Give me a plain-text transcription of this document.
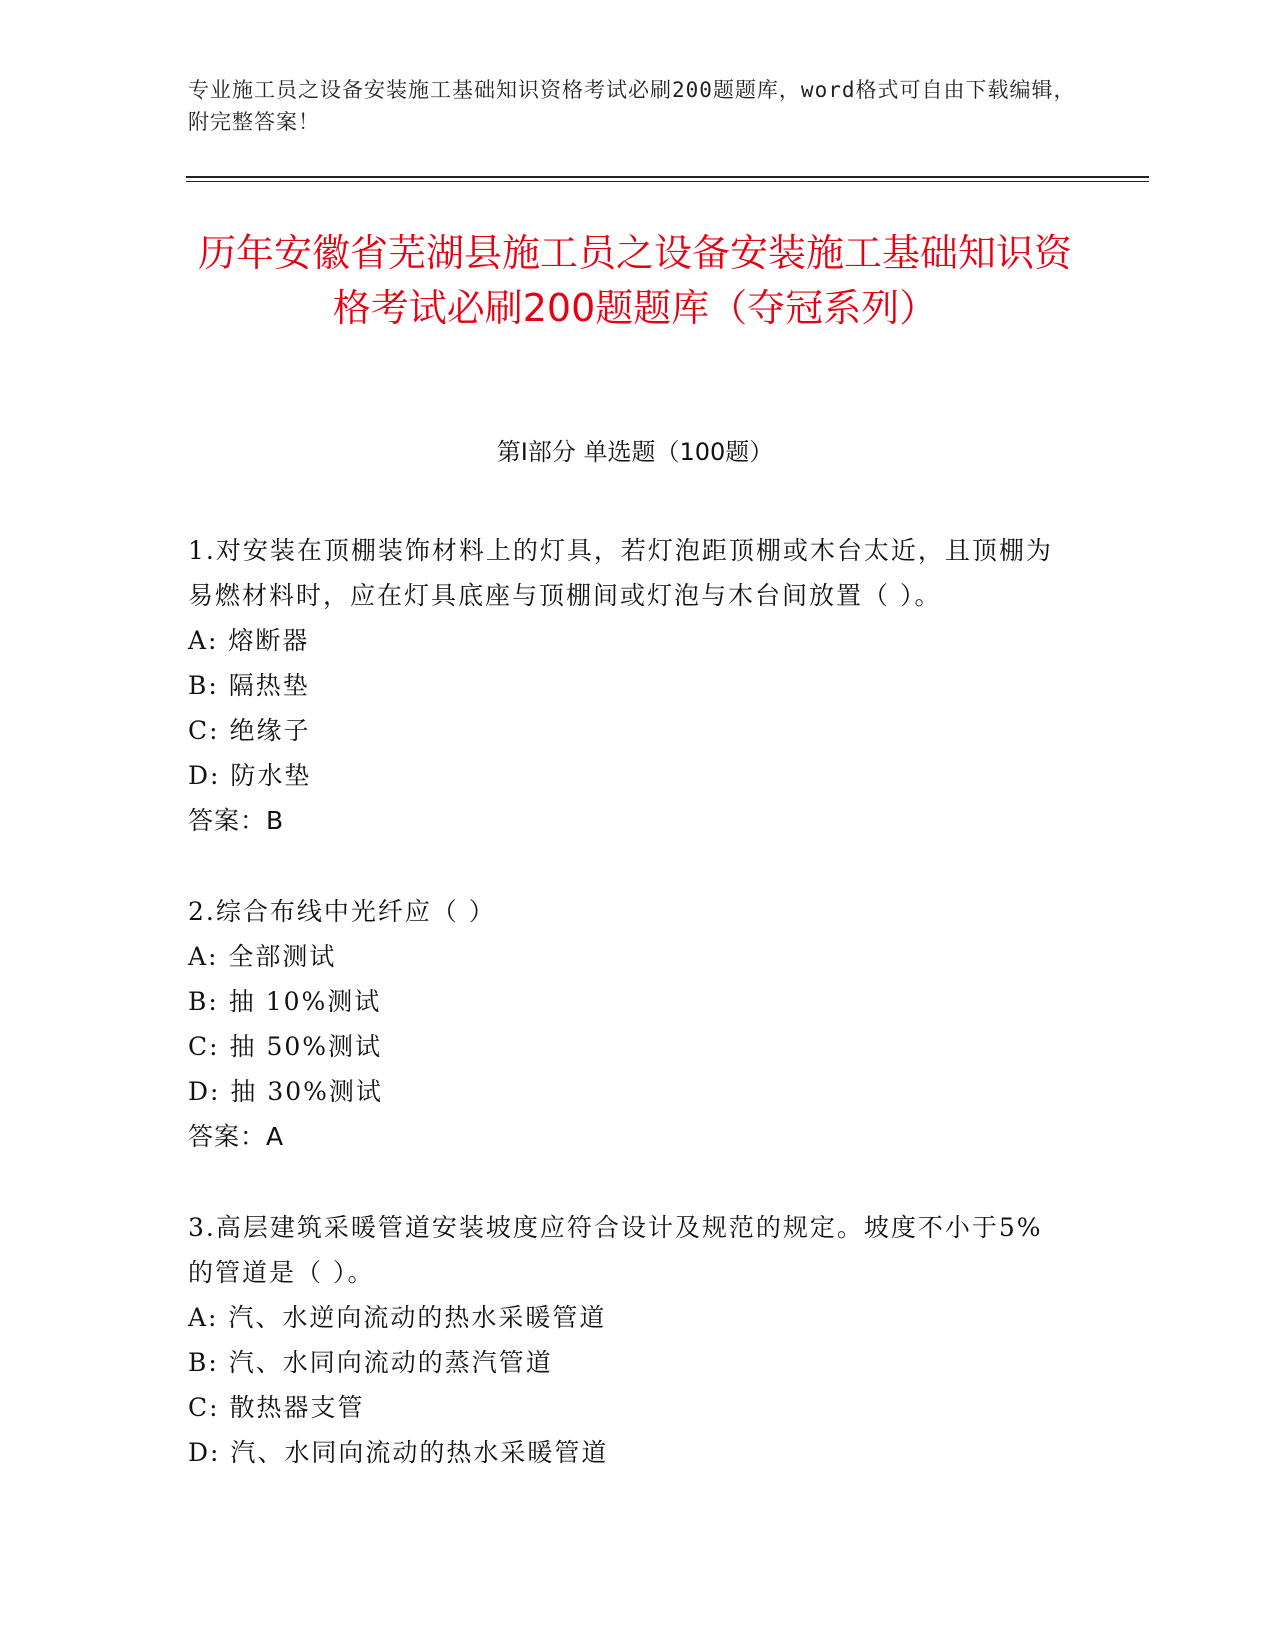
专业施工员之设备安装施工基础知识资格考试必刷200题题库，word格式可自由下载编辑，附完整答案！
历年安徽省芜湖县施工员之设备安装施工基础知识资格考试必刷200题题库（夺冠系列）
第Ⅰ部分 单选题（100题）
1.对安装在顶棚装饰材料上的灯具，若灯泡距顶棚或木台太近，且顶棚为易燃材料时，应在灯具底座与顶棚间或灯泡与木台间放置（ ）。
A: 熔断器
B: 隔热垫
C: 绝缘子
D: 防水垫
答案：B
2.综合布线中光纤应（ ）
A: 全部测试
B: 抽 10%测试
C: 抽 50%测试
D: 抽 30%测试
答案：A
3.高层建筑采暖管道安装坡度应符合设计及规范的规定。坡度不小于5%的管道是（ ）。
A: 汽、水逆向流动的热水采暖管道
B: 汽、水同向流动的蒸汽管道
C: 散热器支管
D: 汽、水同向流动的热水采暖管道
